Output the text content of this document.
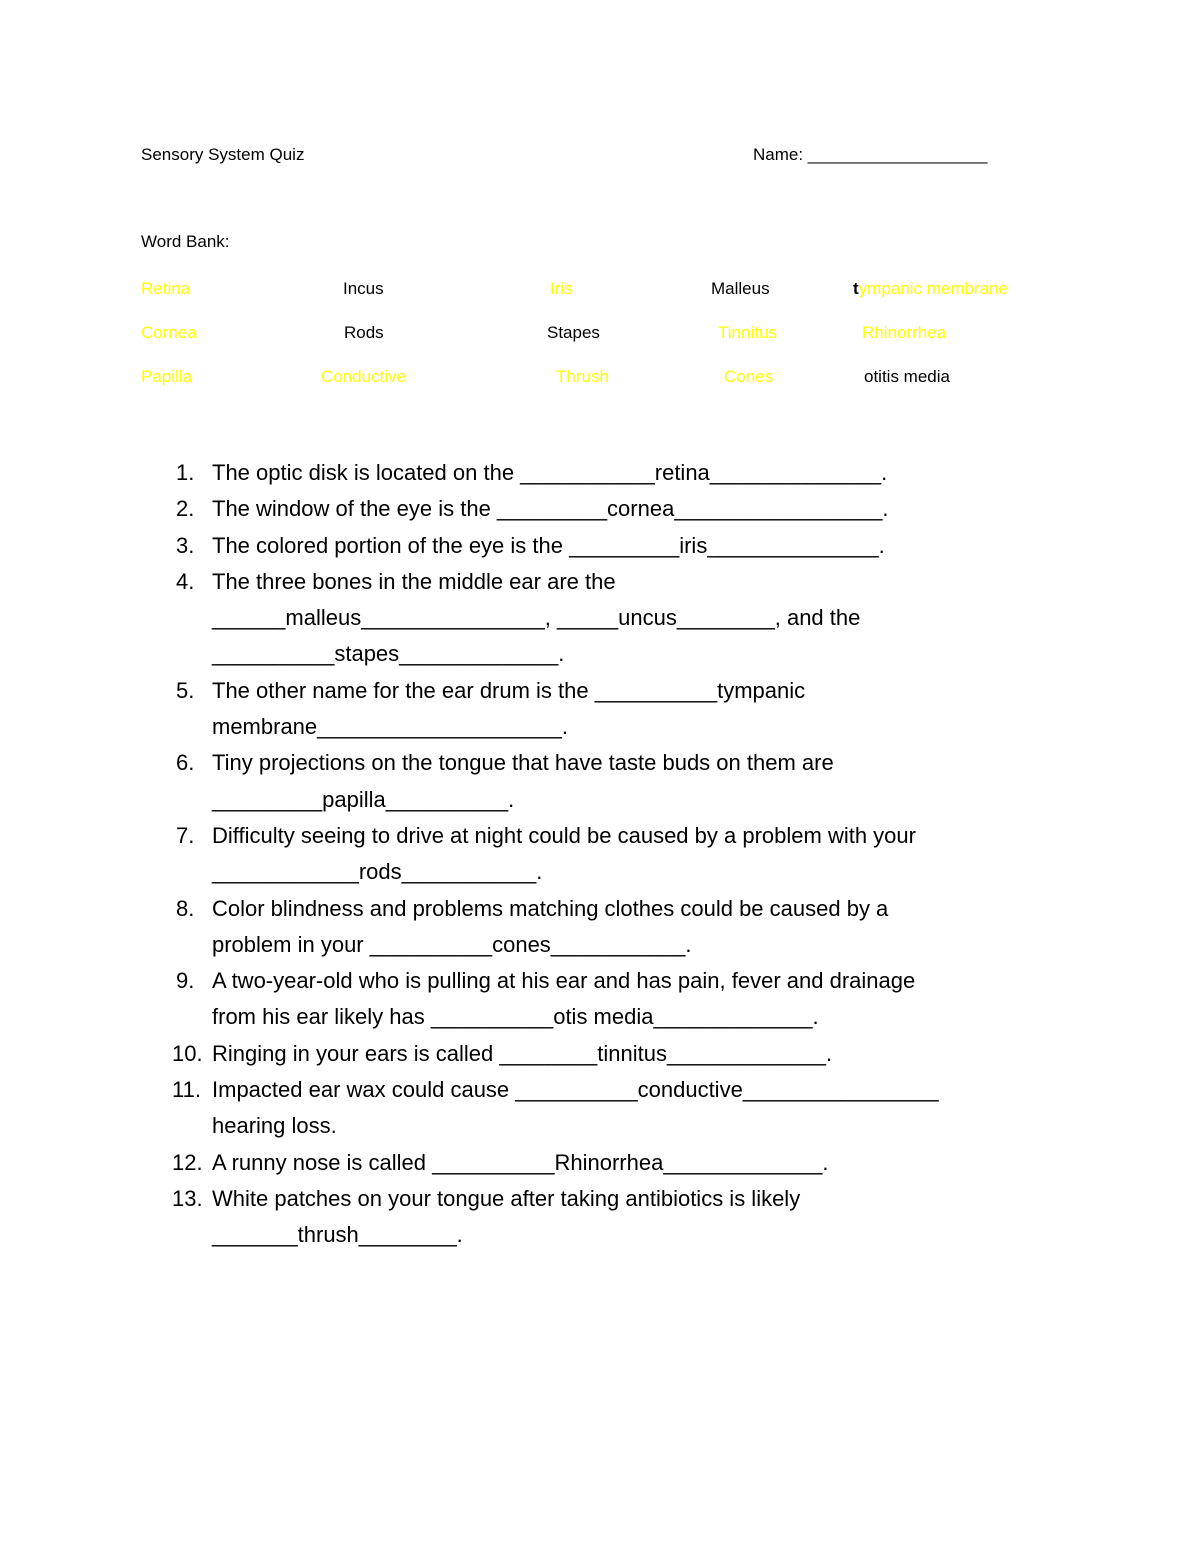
Sensory System Quiz	Name: ___________________
Word Bank:
Retina	Incus	Iris	Malleus	tympanic membrane
Cornea	Rods	Stapes	Tinnitus	Rhinorrhea
Papilla	Conductive	Thrush	Cones	otitis media
1. The optic disk is located on the ___________retina______________.
2. The window of the eye is the _________cornea_________________.
3. The colored portion of the eye is the _________iris______________.
4. The three bones in the middle ear are the
______malleus_______________, _____uncus________, and the
__________stapes_____________.
5. The other name for the ear drum is the __________tympanic
membrane____________________.
6. Tiny projections on the tongue that have taste buds on them are
_________papilla__________.
7. Difficulty seeing to drive at night could be caused by a problem with your
____________rods___________.
8. Color blindness and problems matching clothes could be caused by a
problem in your __________cones___________.
9. A two-year-old who is pulling at his ear and has pain, fever and drainage
from his ear likely has __________otis media_____________.
10. Ringing in your ears is called ________tinnitus_____________.
11. Impacted ear wax could cause __________conductive________________
hearing loss.
12. A runny nose is called __________Rhinorrhea_____________.
13. White patches on your tongue after taking antibiotics is likely
_______thrush________.
